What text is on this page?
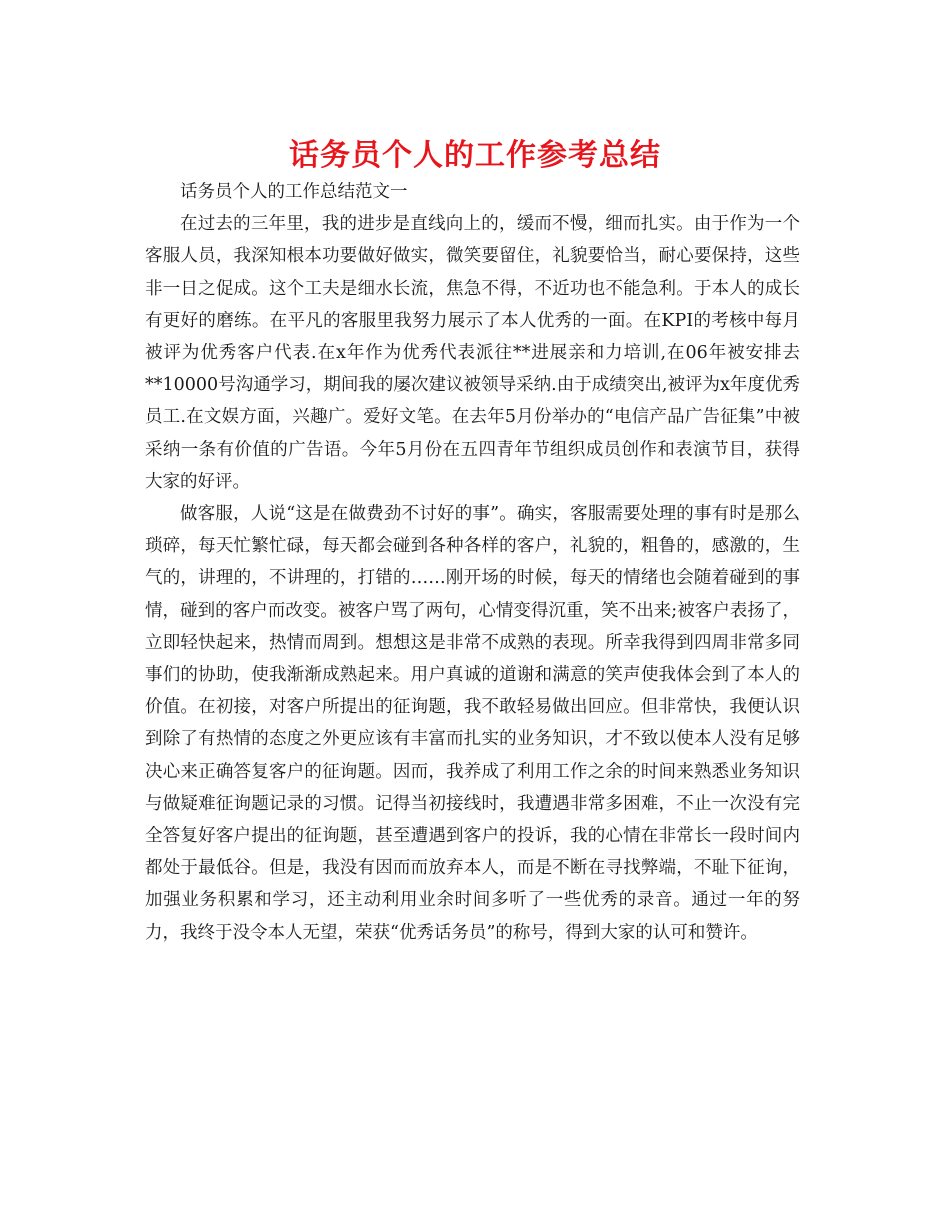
话务员个人的工作参考总结

话务员个人的工作总结范文一

在过去的三年里，我的进步是直线向上的，缓而不慢，细而扎实。由于作为一个客服人员，我深知根本功要做好做实，微笑要留住，礼貌要恰当，耐心要保持，这些非一日之促成。这个工夫是细水长流，焦急不得，不近功也不能急利。于本人的成长有更好的磨练。在平凡的客服里我努力展示了本人优秀的一面。在KPI的考核中每月被评为优秀客户代表.在x年作为优秀代表派往**进展亲和力培训,在06年被安排去**10000号沟通学习，期间我的屡次建议被领导采纳.由于成绩突出,被评为x年度优秀员工.在文娱方面，兴趣广。爱好文笔。在去年5月份举办的“电信产品广告征集”中被采纳一条有价值的广告语。今年5月份在五四青年节组织成员创作和表演节目，获得大家的好评。

做客服，人说“这是在做费劲不讨好的事”。确实，客服需要处理的事有时是那么琐碎，每天忙繁忙碌，每天都会碰到各种各样的客户，礼貌的，粗鲁的，感激的，生气的，讲理的，不讲理的，打错的……刚开场的时候，每天的情绪也会随着碰到的事情，碰到的客户而改变。被客户骂了两句，心情变得沉重，笑不出来;被客户表扬了，立即轻快起来，热情而周到。想想这是非常不成熟的表现。所幸我得到四周非常多同事们的协助，使我渐渐成熟起来。用户真诚的道谢和满意的笑声使我体会到了本人的价值。在初接，对客户所提出的征询题，我不敢轻易做出回应。但非常快，我便认识到除了有热情的态度之外更应该有丰富而扎实的业务知识，才不致以使本人没有足够决心来正确答复客户的征询题。因而，我养成了利用工作之余的时间来熟悉业务知识与做疑难征询题记录的习惯。记得当初接线时，我遭遇非常多困难，不止一次没有完全答复好客户提出的征询题，甚至遭遇到客户的投诉，我的心情在非常长一段时间内都处于最低谷。但是，我没有因而而放弃本人，而是不断在寻找弊端，不耻下征询，加强业务积累和学习，还主动利用业余时间多听了一些优秀的录音。通过一年的努力，我终于没令本人无望，荣获“优秀话务员”的称号，得到大家的认可和赞许。
